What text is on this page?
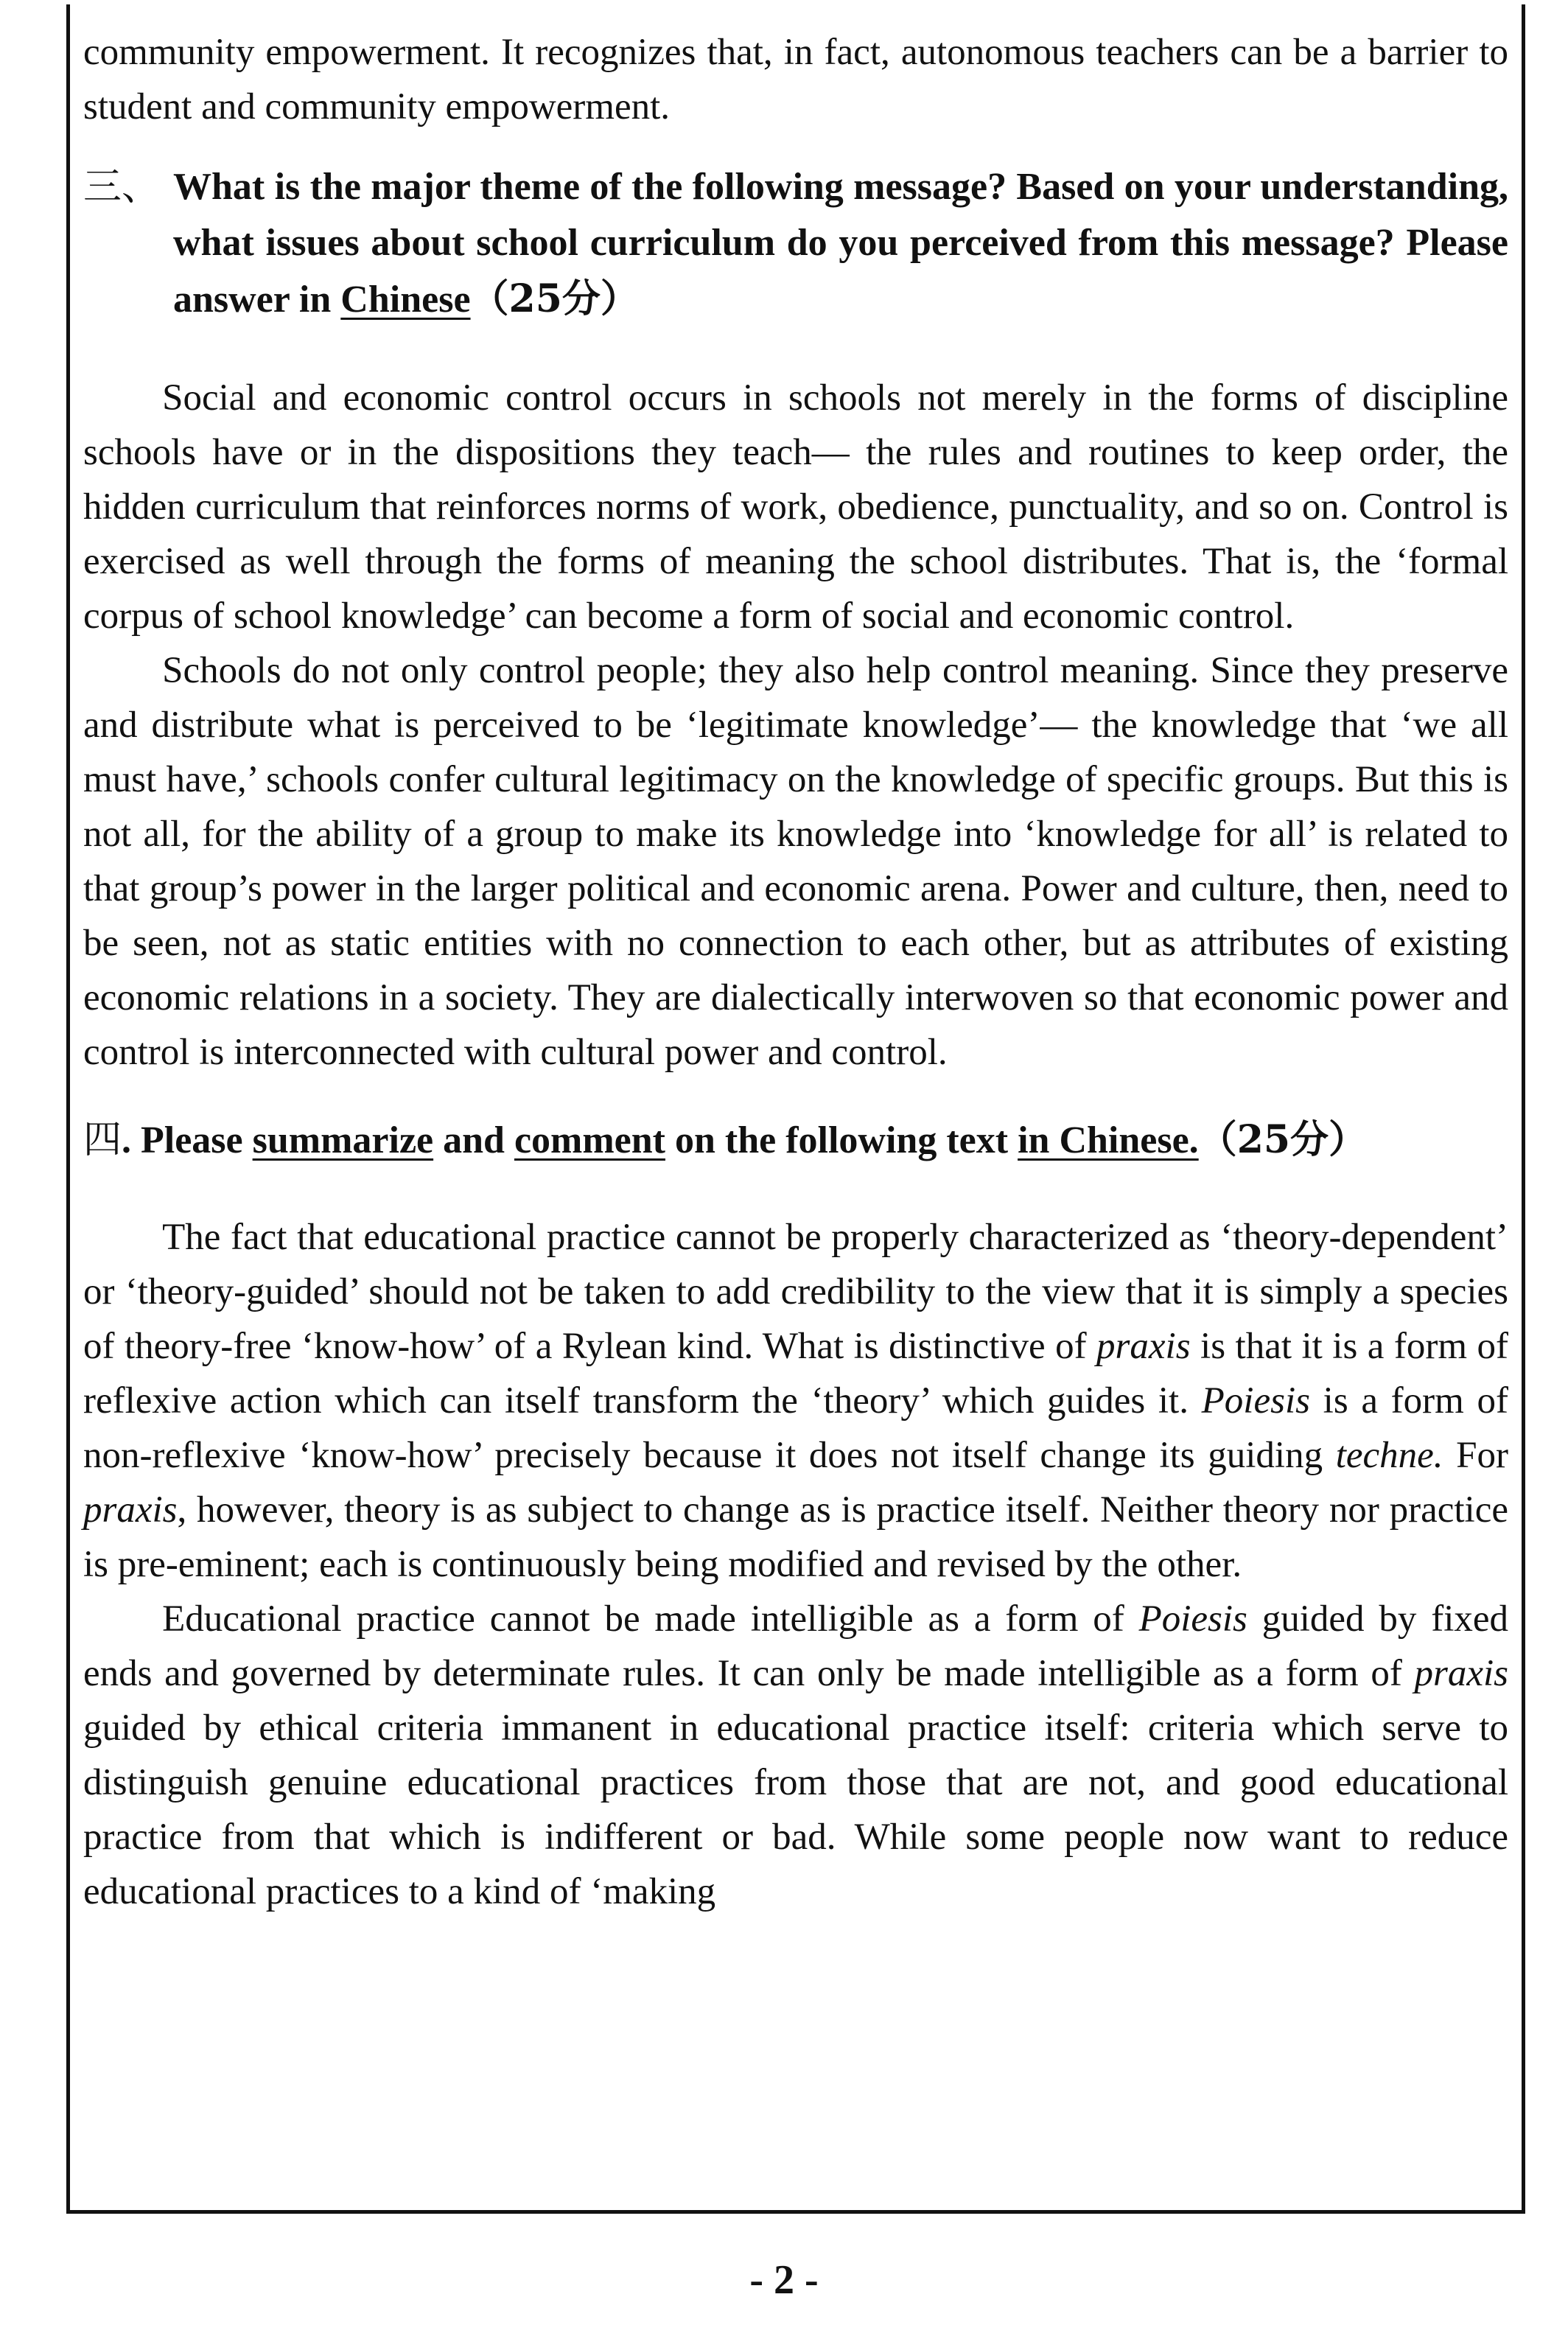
community empowerment. It recognizes that, in fact, autonomous teachers can be a barrier to student and community empowerment.

三、 What is the major theme of the following message? Based on your understanding, what issues about school curriculum do you perceived from this message? Please answer in Chinese（25分）

Social and economic control occurs in schools not merely in the forms of discipline schools have or in the dispositions they teach— the rules and routines to keep order, the hidden curriculum that reinforces norms of work, obedience, punctuality, and so on. Control is exercised as well through the forms of meaning the school distributes. That is, the ‘formal corpus of school knowledge’ can become a form of social and economic control.

Schools do not only control people; they also help control meaning. Since they preserve and distribute what is perceived to be ‘legitimate knowledge’— the knowledge that ‘we all must have,’ schools confer cultural legitimacy on the knowledge of specific groups. But this is not all, for the ability of a group to make its knowledge into ‘knowledge for all’ is related to that group’s power in the larger political and economic arena. Power and culture, then, need to be seen, not as static entities with no connection to each other, but as attributes of existing economic relations in a society. They are dialectically interwoven so that economic power and control is interconnected with cultural power and control.

四. Please summarize and comment on the following text in Chinese.（25分）

The fact that educational practice cannot be properly characterized as ‘theory-dependent’ or ‘theory-guided’ should not be taken to add credibility to the view that it is simply a species of theory-free ‘know-how’ of a Rylean kind. What is distinctive of praxis is that it is a form of reflexive action which can itself transform the ‘theory’ which guides it. Poiesis is a form of non-reflexive ‘know-how’ precisely because it does not itself change its guiding techne. For praxis, however, theory is as subject to change as is practice itself. Neither theory nor practice is pre-eminent; each is continuously being modified and revised by the other.

Educational practice cannot be made intelligible as a form of Poiesis guided by fixed ends and governed by determinate rules. It can only be made intelligible as a form of praxis guided by ethical criteria immanent in educational practice itself: criteria which serve to distinguish genuine educational practices from those that are not, and good educational practice from that which is indifferent or bad. While some people now want to reduce educational practices to a kind of ‘making

- 2 -
